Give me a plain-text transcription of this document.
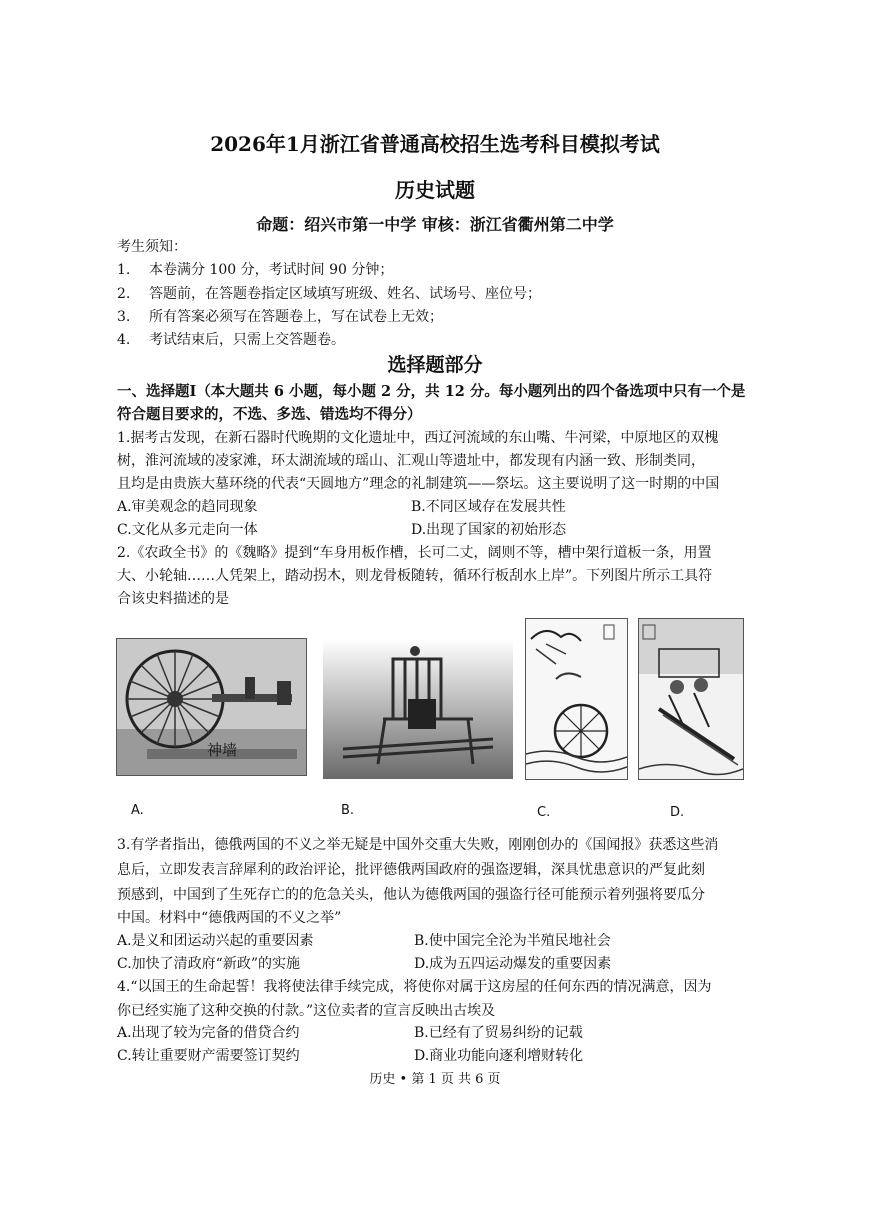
2026年1月浙江省普通高校招生选考科目模拟考试
历史试题
命题：绍兴市第一中学 审核：浙江省衢州第二中学
考生须知：
1. 本卷满分 100 分，考试时间 90 分钟；
2. 答题前，在答题卷指定区域填写班级、姓名、试场号、座位号；
3. 所有答案必须写在答题卷上，写在试卷上无效；
4. 考试结束后，只需上交答题卷。
选择题部分
一、选择题Ⅰ（本大题共 6 小题，每小题 2 分，共 12 分。每小题列出的四个备选项中只有一个是
符合题目要求的，不选、多选、错选均不得分）
1.据考古发现，在新石器时代晚期的文化遗址中，西辽河流域的东山嘴、牛河梁，中原地区的双槐
树，淮河流域的凌家滩，环太湖流域的瑶山、汇观山等遗址中，都发现有内涵一致、形制类同，
且均是由贵族大墓环绕的代表“天圆地方”理念的礼制建筑——祭坛。这主要说明了这一时期的中国
A.审美观念的趋同现象	B.不同区域存在发展共性
C.文化从多元走向一体	D.出现了国家的初始形态
2.《农政全书》的《魏略》提到“车身用板作槽，长可二丈，阔则不等，槽中架行道板一条，用置
大、小轮轴……人凭架上，踏动拐木，则龙骨板随转，循环行板刮水上岸”。下列图片所示工具符
合该史料描述的是
神墙
A.	B.	C.	D.
3.有学者指出，德俄两国的不义之举无疑是中国外交重大失败，刚刚创办的《国闻报》获悉这些消
息后，立即发表言辞犀利的政治评论，批评德俄两国政府的强盗逻辑，深具忧患意识的严复此刻
预感到，中国到了生死存亡的的危急关头，他认为德俄两国的强盗行径可能预示着列强将要瓜分
中国。材料中“德俄两国的不义之举”
A.是义和团运动兴起的重要因素	B.使中国完全沦为半殖民地社会
C.加快了清政府“新政”的实施	D.成为五四运动爆发的重要因素
4.“以国王的生命起誓！我将使法律手续完成，将使你对属于这房屋的任何东西的情况满意，因为
你已经实施了这种交换的付款。”这位卖者的宣言反映出古埃及
A.出现了较为完备的借贷合约	B.已经有了贸易纠纷的记载
C.转让重要财产需要签订契约	D.商业功能向逐利增财转化
历史 • 第 1 页 共 6 页
